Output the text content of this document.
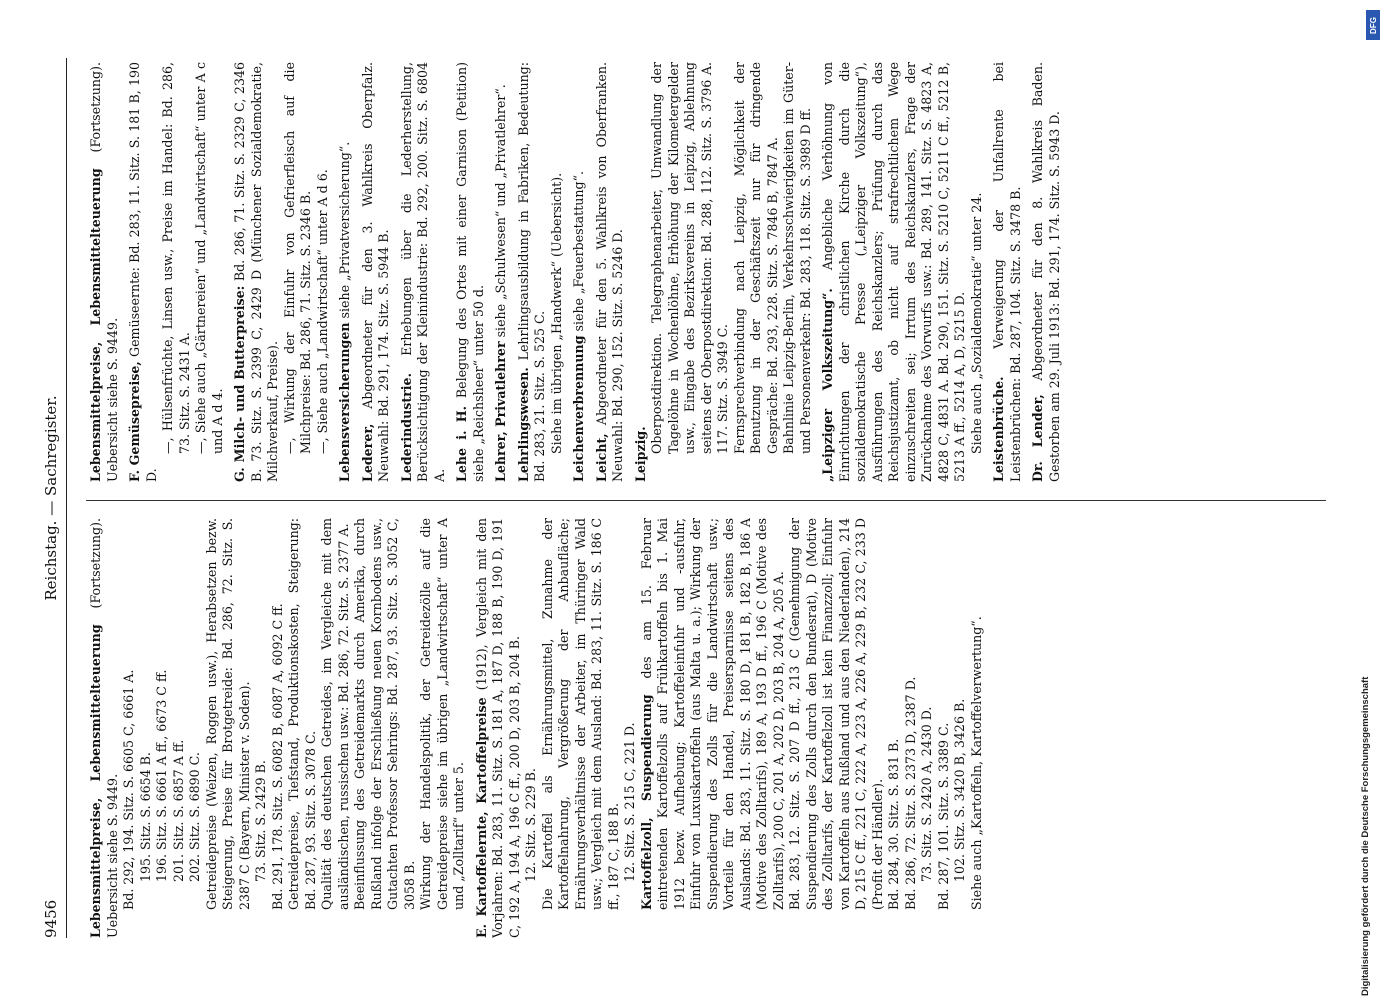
9456
Reichstag. — Sachregister.

Lebensmittelpreise, Lebensmittelteuerung (Fortsetzung). Uebersicht siehe S. 9449. Bd. 292, 194. Sitz. S. 6605 C, 6661 A. 195. Sitz. S. 6654 B. 196. Sitz. S. 6661 A ff., 6673 C ff. 201. Sitz. S. 6857 A ff. 202. Sitz. S. 6890 C. Getreidepreise (Weizen, Roggen usw.), Herabsetzen bezw. Steigerung, Preise für Brotgetreide: Bd. 286, 72. Sitz. S. 2387 C (Bayern, Minister v. Soden). 73. Sitz. S. 2429 B. Bd. 291, 178. Sitz. S. 6082 B, 6087 A, 6092 C ff. Getreidepreise, Tiefstand, Produktionskosten, Steigerung: Bd. 287, 93. Sitz. S. 3078 C. Qualität des deutschen Getreides, im Vergleiche mit dem ausländischen, russischen usw.: Bd. 286, 72. Sitz. S. 2377 A. Beeinflussung des Getreidemarkts durch Amerika, durch Rußland infolge der Erschließung neuen Kornbodens usw., Gutachten Professor Sehrings: Bd. 287, 93. Sitz. S. 3052 C, 3058 B. Wirkung der Handelspolitik, der Getreidezölle auf die Getreidepreise siehe im übrigen „Landwirtschaft“ unter A und „Zolltarif“ unter 5. E. Kartoffelernte, Kartoffelpreise (1912), Vergleich mit den Vorjahren: Bd. 283, 11. Sitz. S. 181 A, 187 D, 188 B, 190 D, 191 C, 192 A, 194 A, 196 C ff., 200 D, 203 B, 204 B. 12. Sitz. S. 229 B. Die Kartoffel als Ernährungsmittel, Zunahme der Kartoffelnahrung, Vergrößerung der Anbaufläche; Ernährungsverhältnisse der Arbeiter, im Thüringer Wald usw.; Vergleich mit dem Ausland: Bd. 283, 11. Sitz. S. 186 C ff., 187 C, 188 B. 12. Sitz. S. 215 C, 221 D. Kartoffelzoll, Suspendierung des am 15. Februar eintretenden Kartoffelzolls auf Frühkartoffeln bis 1. Mai 1912 bezw. Aufhebung; Kartoffeleinfuhr und -ausfuhr, Einfuhr von Luxuskartoffeln (aus Malta u. a.); Wirkung der Suspendierung des Zolls für die Landwirtschaft usw.; Vorteile für den Handel, Preisersparnisse seitens des Auslands: Bd. 283, 11. Sitz. S. 180 D, 181 B, 182 B, 186 A (Motive des Zolltarifs), 189 A, 193 D ff., 196 C (Motive des Zolltarifs), 200 C, 201 A, 202 D, 203 B, 204 A, 205 A. Bd. 283, 12. Sitz. S. 207 D ff., 213 C (Genehmigung der Suspendierung des Zolls durch den Bundesrat), D (Motive des Zolltarifs, der Kartoffelzoll ist kein Finanzzoll; Einfuhr von Kartoffeln aus Rußland und aus den Niederlanden), 214 D, 215 C ff., 221 C, 222 A, 223 A, 226 A, 229 B, 232 C, 233 D (Profit der Händler). Bd. 284, 30. Sitz. S. 831 B. Bd. 286, 72. Sitz. S. 2373 D, 2387 D. 73. Sitz. S. 2420 A, 2430 D. Bd. 287, 101. Sitz. S. 3389 C. 102. Sitz. S. 3420 B, 3426 B. Siehe auch „Kartoffeln, Kartoffelverwertung“.

Lebensmittelpreise, Lebensmittelteuerung (Fortsetzung). Uebersicht siehe S. 9449. F. Gemüsepreise, Gemüseernte: Bd. 283, 11. Sitz. S. 181 B, 190 D.

—, Hülsenfrüchte, Linsen usw., Preise im Handel: Bd. 286, 73. Sitz. S. 2431 A. —, Siehe auch „Gärtnereien“ und „Landwirtschaft“ unter A c und A d 4. G. Milch- und Butterpreise: Bd. 286, 71. Sitz. S. 2329 C, 2346 B. 73. Sitz. S. 2399 C, 2429 D (Münchener Sozialdemokratie, Milchverkauf, Preise). —, Wirkung der Einfuhr von Gefrierfleisch auf die Milchpreise: Bd. 286, 71. Sitz. S. 2346 B. —, Siehe auch „Landwirtschaft“ unter A d 6. Lebensversicherungen siehe „Privatversicherung“.

Lederer, Abgeordneter für den 3. Wahlkreis Oberpfalz. Neuwahl: Bd. 291, 174. Sitz. S. 5944 B. Lederindustrie. Erhebungen über die Lederherstellung, Berücksichtigung der Kleinindustrie: Bd. 292, 200. Sitz. S. 6804 A. Lehe i. H. Belegung des Ortes mit einer Garnison (Petition) siehe „Reichsheer“ unter 50 d. Lehrer, Privatlehrer siehe „Schulwesen“ und „Privatlehrer“.

Lehrlingswesen. Lehrlingsausbildung in Fabriken, Bedeutung: Bd. 283, 21. Sitz. S. 525 C. Siehe im übrigen „Handwerk“ (Uebersicht). Leichenverbrennung siehe „Feuerbestattung“.

Leicht, Abgeordneter für den 5. Wahlkreis von Oberfranken. Neuwahl: Bd. 290, 152. Sitz. S. 5246 D. Leipzig.

Oberpostdirektion. Telegraphenarbeiter, Umwandlung der Tagelöhne in Wochenlöhne, Erhöhung der Kilometergelder usw., Eingabe des Bezirksvereins in Leipzig, Ablehnung seitens der Oberpostdirektion: Bd. 288, 112. Sitz. S. 3796 A. 117. Sitz. S. 3949 C. Fernsprechverbindung nach Leipzig, Möglichkeit der Benutzung in der Geschäftszeit nur für dringende Gespräche: Bd. 293, 228. Sitz. S. 7846 B, 7847 A. Bahnlinie Leipzig-Berlin, Verkehrsschwierigkeiten im Güter- und Personenverkehr: Bd. 283, 118. Sitz. S. 3989 D ff. „Leipziger Volkszeitung“. Angebliche Verhöhnung von Einrichtungen der christlichen Kirche durch die sozialdemokratische Presse („Leipziger Volkszeitung“), Ausführungen des Reichskanzlers; Prüfung durch das Reichsjustizamt, ob nicht auf strafrechtlichem Wege einzuschreiten sei; Irrtum des Reichskanzlers, Frage der Zurücknahme des Vorwurfs usw.: Bd. 289, 141. Sitz. S. 4823 A, 4828 C, 4831 A. Bd. 290, 151. Sitz. S. 5210 C, 5211 C ff., 5212 B, 5213 A ff., 5214 A, D, 5215 D. Siehe auch „Sozialdemokratie“ unter 24. Leistenbrüche. Verweigerung der Unfallrente bei Leistenbrüchen: Bd. 287, 104. Sitz. S. 3478 B. Dr. Lender, Abgeordneter für den 8. Wahlkreis Baden. Gestorben am 29. Juli 1913: Bd. 291, 174. Sitz. S. 5943 D.

Digitalisierung gefördert durch die Deutsche Forschungsgemeinschaft
DFG
